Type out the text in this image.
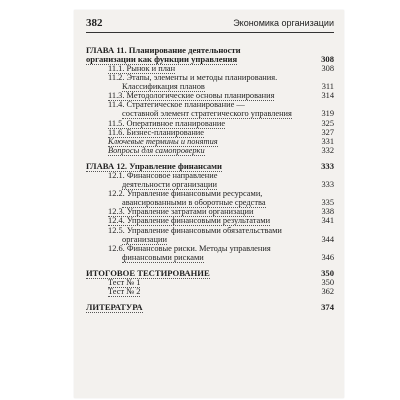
382	Экономика организации
ГЛАВА 11. Планирование деятельности
организации как функции управления	308
11.1. Рынок и план	308
11.2. Этапы, элементы и методы планирования.
Классификация планов	311
11.3. Методологические основы планирования	314
11.4. Стратегическое планирование —
составной элемент стратегического управления	319
11.5. Оперативное планирование	325
11.6. Бизнес-планирование	327
Ключевые термины и понятия	331
Вопросы для самопроверки	332
ГЛАВА 12. Управление финансами	333
12.1. Финансовое направление
деятельности организации	333
12.2. Управление финансовыми ресурсами,
авансированными в оборотные средства	335
12.3. Управление затратами организации	338
12.4. Управление финансовыми результатами	341
12.5. Управление финансовыми обязательствами
организации	344
12.6. Финансовые риски. Методы управления
финансовыми рисками	346
ИТОГОВОЕ ТЕСТИРОВАНИЕ	350
Тест № 1	350
Тест № 2	362
ЛИТЕРАТУРА	374
